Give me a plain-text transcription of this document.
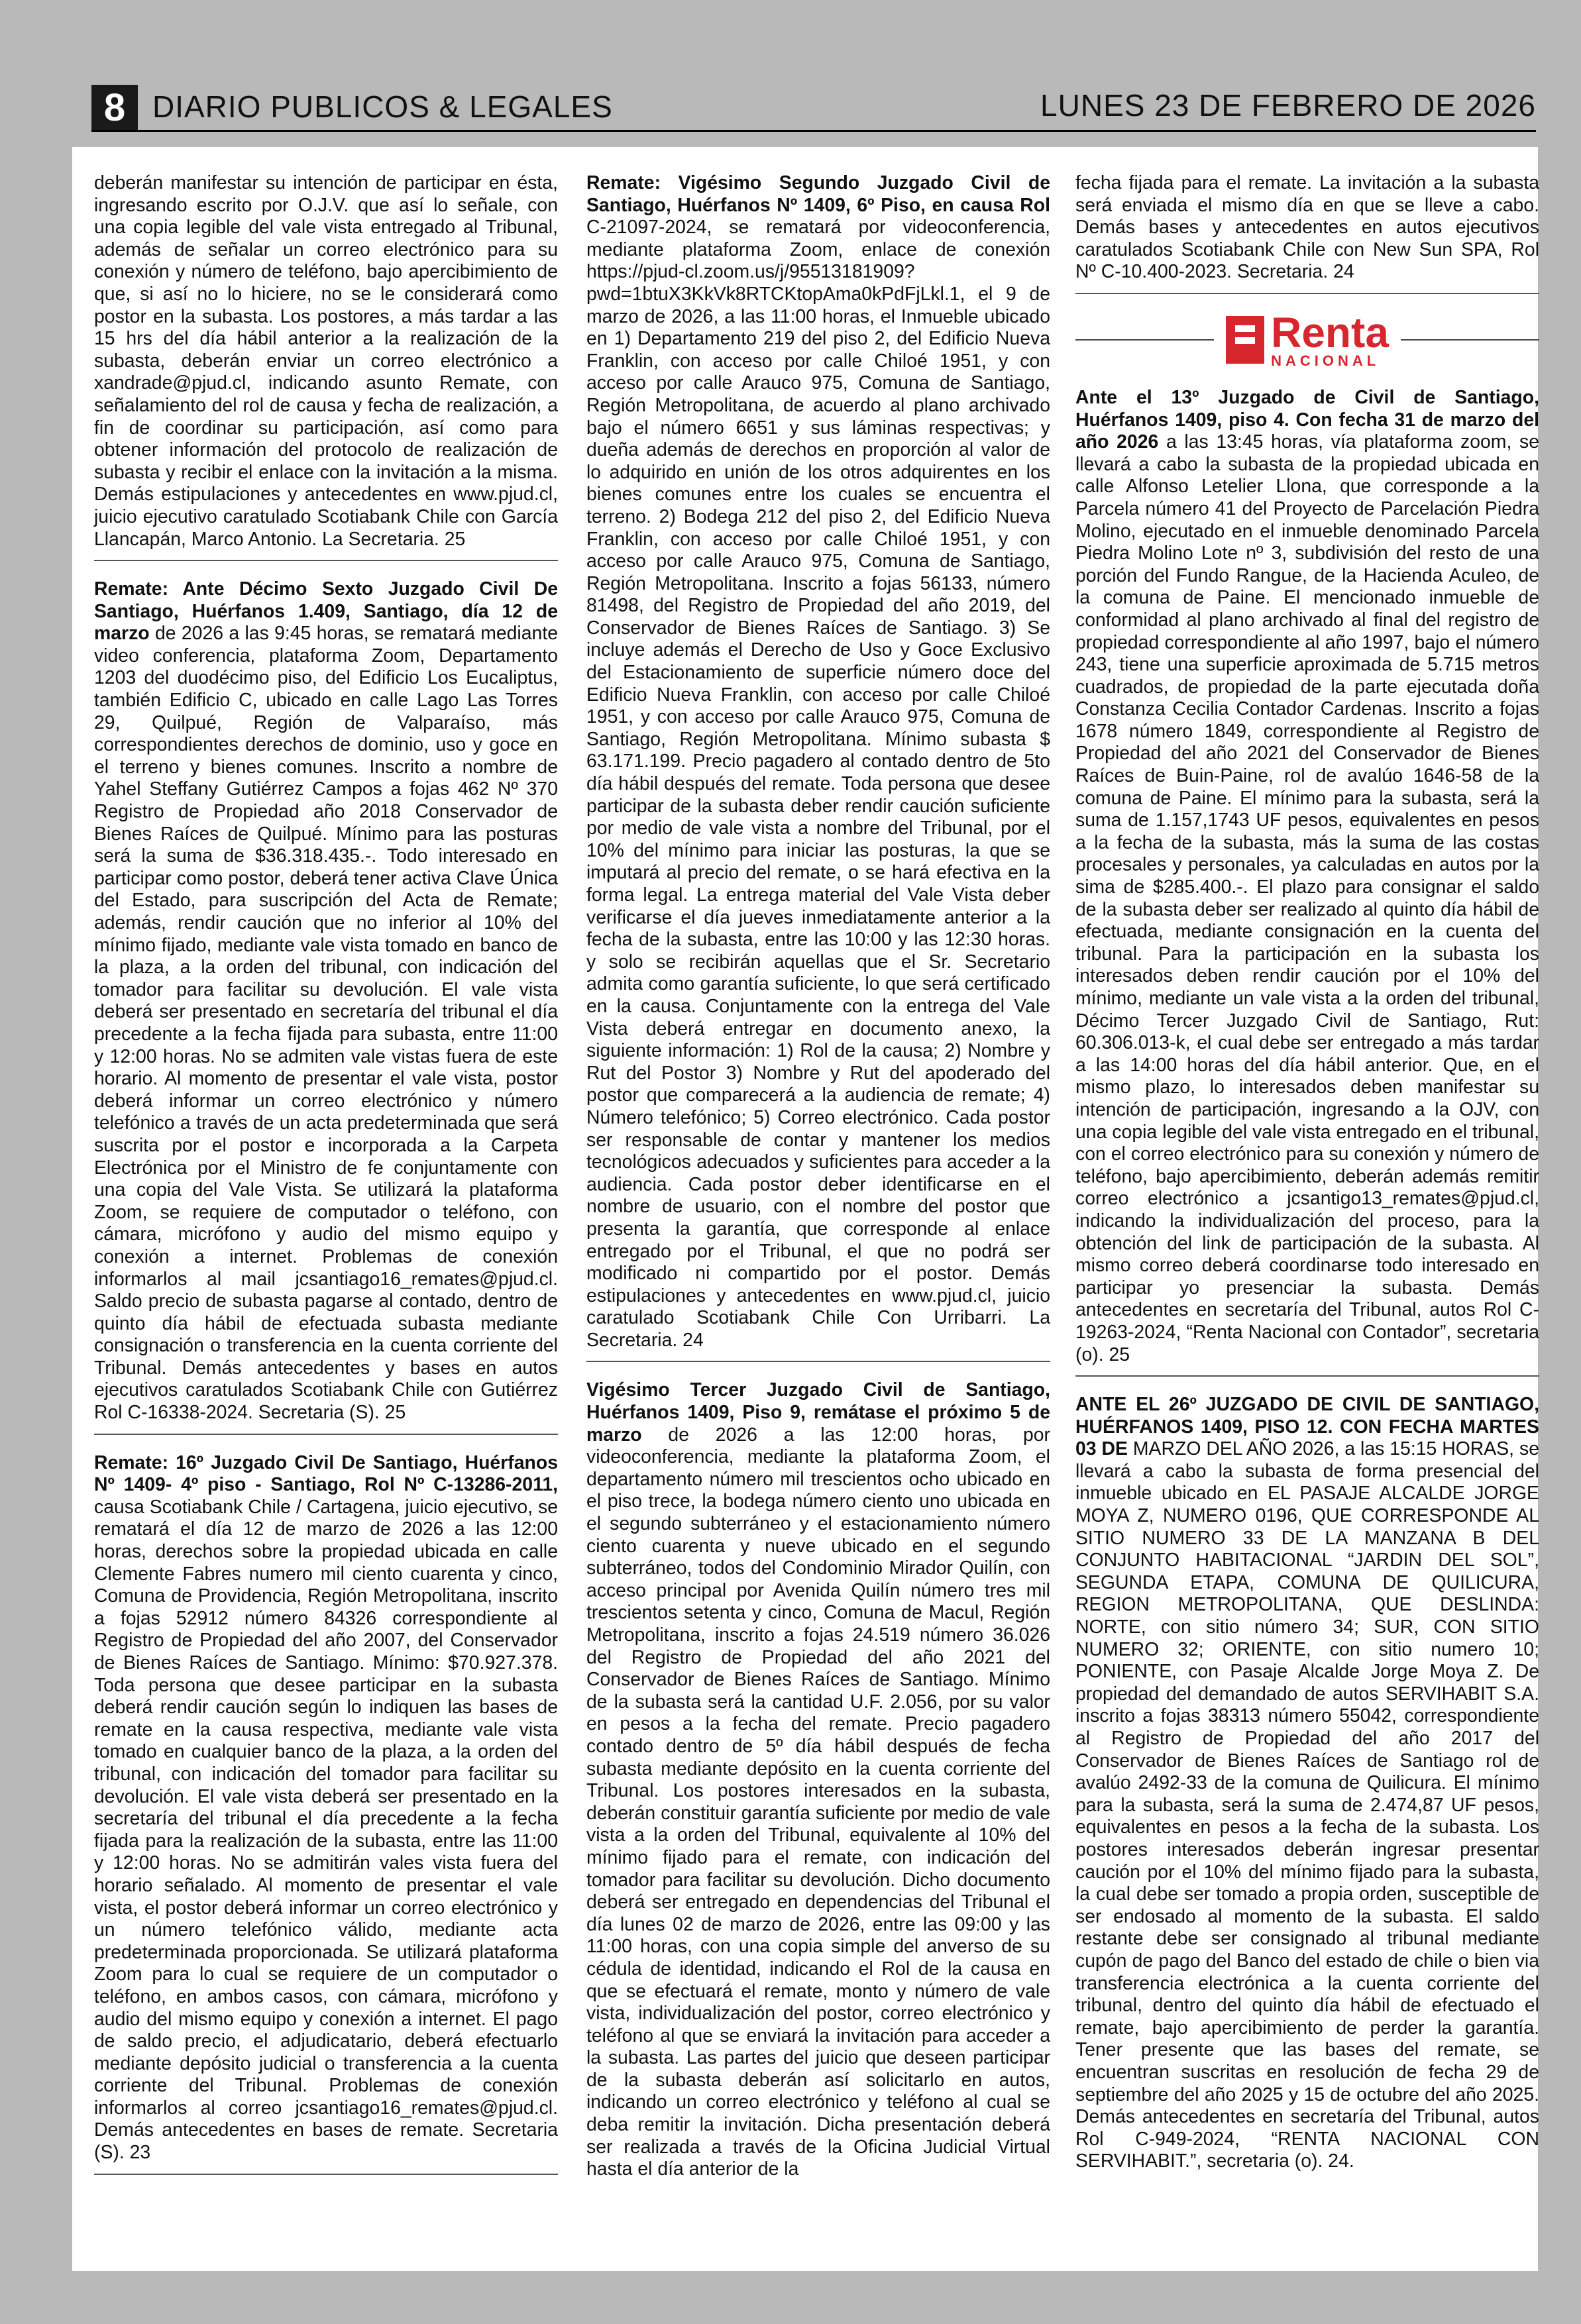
8 DIARIO PUBLICOS & LEGALES	LUNES 23 DE FEBRERO DE 2026

deberán manifestar su intención de participar en ésta, ingresando escrito por O.J.V. que así lo señale, con una copia legible del vale vista entregado al Tribunal, además de señalar un correo electrónico para su conexión y número de teléfono, bajo apercibimiento de que, si así no lo hiciere, no se le considerará como postor en la subasta. Los postores, a más tardar a las 15 hrs del día hábil anterior a la realización de la subasta, deberán enviar un correo electrónico a xandrade@pjud.cl, indicando asunto Remate, con señalamiento del rol de causa y fecha de realización, a fin de coordinar su participación, así como para obtener información del protocolo de realización de subasta y recibir el enlace con la invitación a la misma. Demás estipulaciones y antecedentes en www.pjud.cl, juicio ejecutivo caratulado Scotiabank Chile con García Llancapán, Marco Antonio. La Secretaria. 25

Remate: Ante Décimo Sexto Juzgado Civil De Santiago, Huérfanos 1.409, Santiago, día 12 de marzo de 2026 a las 9:45 horas, se rematará mediante video conferencia, plataforma Zoom, Departamento 1203 del duodécimo piso, del Edificio Los Eucaliptus, también Edificio C, ubicado en calle Lago Las Torres 29, Quilpué, Región de Valparaíso, más correspondientes derechos de dominio, uso y goce en el terreno y bienes comunes. Inscrito a nombre de Yahel Steffany Gutiérrez Campos a fojas 462 Nº 370 Registro de Propiedad año 2018 Conservador de Bienes Raíces de Quilpué. Mínimo para las posturas será la suma de $36.318.435.-. Todo interesado en participar como postor, deberá tener activa Clave Única del Estado, para suscripción del Acta de Remate; además, rendir caución que no inferior al 10% del mínimo fijado, mediante vale vista tomado en banco de la plaza, a la orden del tribunal, con indicación del tomador para facilitar su devolución. El vale vista deberá ser presentado en secretaría del tribunal el día precedente a la fecha fijada para subasta, entre 11:00 y 12:00 horas. No se admiten vale vistas fuera de este horario. Al momento de presentar el vale vista, postor deberá informar un correo electrónico y número telefónico a través de un acta predeterminada que será suscrita por el postor e incorporada a la Carpeta Electrónica por el Ministro de fe conjuntamente con una copia del Vale Vista. Se utilizará la plataforma Zoom, se requiere de computador o teléfono, con cámara, micrófono y audio del mismo equipo y conexión a internet. Problemas de conexión informarlos al mail jcsantiago16_remates@pjud.cl. Saldo precio de subasta pagarse al contado, dentro de quinto día hábil de efectuada subasta mediante consignación o transferencia en la cuenta corriente del Tribunal. Demás antecedentes y bases en autos ejecutivos caratulados Scotiabank Chile con Gutiérrez Rol C-16338-2024. Secretaria (S). 25

Remate: 16º Juzgado Civil De Santiago, Huérfanos Nº 1409- 4º piso - Santiago, Rol Nº C-13286-2011, causa Scotiabank Chile / Cartagena, juicio ejecutivo, se rematará el día 12 de marzo de 2026 a las 12:00 horas, derechos sobre la propiedad ubicada en calle Clemente Fabres numero mil ciento cuarenta y cinco, Comuna de Providencia, Región Metropolitana, inscrito a fojas 52912 número 84326 correspondiente al Registro de Propiedad del año 2007, del Conservador de Bienes Raíces de Santiago. Mínimo: $70.927.378. Toda persona que desee participar en la subasta deberá rendir caución según lo indiquen las bases de remate en la causa respectiva, mediante vale vista tomado en cualquier banco de la plaza, a la orden del tribunal, con indicación del tomador para facilitar su devolución. El vale vista deberá ser presentado en la secretaría del tribunal el día precedente a la fecha fijada para la realización de la subasta, entre las 11:00 y 12:00 horas. No se admitirán vales vista fuera del horario señalado. Al momento de presentar el vale vista, el postor deberá informar un correo electrónico y un número telefónico válido, mediante acta predeterminada proporcionada. Se utilizará plataforma Zoom para lo cual se requiere de un computador o teléfono, en ambos casos, con cámara, micrófono y audio del mismo equipo y conexión a internet. El pago de saldo precio, el adjudicatario, deberá efectuarlo mediante depósito judicial o transferencia a la cuenta corriente del Tribunal. Problemas de conexión informarlos al correo jcsantiago16_remates@pjud.cl. Demás antecedentes en bases de remate. Secretaria (S). 23

Remate: Vigésimo Segundo Juzgado Civil de Santiago, Huérfanos Nº 1409, 6º Piso, en causa Rol C-21097-2024, se rematará por videoconferencia, mediante plataforma Zoom, enlace de conexión https://pjud-cl.zoom.us/j/95513181909?pwd=1btuX3KkVk8RTCKtopAma0kPdFjLkl.1, el 9 de marzo de 2026, a las 11:00 horas, el Inmueble ubicado en 1) Departamento 219 del piso 2, del Edificio Nueva Franklin, con acceso por calle Chiloé 1951, y con acceso por calle Arauco 975, Comuna de Santiago, Región Metropolitana, de acuerdo al plano archivado bajo el número 6651 y sus láminas respectivas; y dueña además de derechos en proporción al valor de lo adquirido en unión de los otros adquirentes en los bienes comunes entre los cuales se encuentra el terreno. 2) Bodega 212 del piso 2, del Edificio Nueva Franklin, con acceso por calle Chiloé 1951, y con acceso por calle Arauco 975, Comuna de Santiago, Región Metropolitana. Inscrito a fojas 56133, número 81498, del Registro de Propiedad del año 2019, del Conservador de Bienes Raíces de Santiago. 3) Se incluye además el Derecho de Uso y Goce Exclusivo del Estacionamiento de superficie número doce del Edificio Nueva Franklin, con acceso por calle Chiloé 1951, y con acceso por calle Arauco 975, Comuna de Santiago, Región Metropolitana. Mínimo subasta $ 63.171.199. Precio pagadero al contado dentro de 5to día hábil después del remate. Toda persona que desee participar de la subasta deber rendir caución suficiente por medio de vale vista a nombre del Tribunal, por el 10% del mínimo para iniciar las posturas, la que se imputará al precio del remate, o se hará efectiva en la forma legal. La entrega material del Vale Vista deber verificarse el día jueves inmediatamente anterior a la fecha de la subasta, entre las 10:00 y las 12:30 horas. y solo se recibirán aquellas que el Sr. Secretario admita como garantía suficiente, lo que será certificado en la causa. Conjuntamente con la entrega del Vale Vista deberá entregar en documento anexo, la siguiente información: 1) Rol de la causa; 2) Nombre y Rut del Postor 3) Nombre y Rut del apoderado del postor que comparecerá a la audiencia de remate; 4) Número telefónico; 5) Correo electrónico. Cada postor ser responsable de contar y mantener los medios tecnológicos adecuados y suficientes para acceder a la audiencia. Cada postor deber identificarse en el nombre de usuario, con el nombre del postor que presenta la garantía, que corresponde al enlace entregado por el Tribunal, el que no podrá ser modificado ni compartido por el postor. Demás estipulaciones y antecedentes en www.pjud.cl, juicio caratulado Scotiabank Chile Con Urribarri. La Secretaria. 24

Vigésimo Tercer Juzgado Civil de Santiago, Huérfanos 1409, Piso 9, remátase el próximo 5 de marzo de 2026 a las 12:00 horas, por videoconferencia, mediante la plataforma Zoom, el departamento número mil trescientos ocho ubicado en el piso trece, la bodega número ciento uno ubicada en el segundo subterráneo y el estacionamiento número ciento cuarenta y nueve ubicado en el segundo subterráneo, todos del Condominio Mirador Quilín, con acceso principal por Avenida Quilín número tres mil trescientos setenta y cinco, Comuna de Macul, Región Metropolitana, inscrito a fojas 24.519 número 36.026 del Registro de Propiedad del año 2021 del Conservador de Bienes Raíces de Santiago. Mínimo de la subasta será la cantidad U.F. 2.056, por su valor en pesos a la fecha del remate. Precio pagadero contado dentro de 5º día hábil después de fecha subasta mediante depósito en la cuenta corriente del Tribunal. Los postores interesados en la subasta, deberán constituir garantía suficiente por medio de vale vista a la orden del Tribunal, equivalente al 10% del mínimo fijado para el remate, con indicación del tomador para facilitar su devolución. Dicho documento deberá ser entregado en dependencias del Tribunal el día lunes 02 de marzo de 2026, entre las 09:00 y las 11:00 horas, con una copia simple del anverso de su cédula de identidad, indicando el Rol de la causa en que se efectuará el remate, monto y número de vale vista, individualización del postor, correo electrónico y teléfono al que se enviará la invitación para acceder a la subasta. Las partes del juicio que deseen participar de la subasta deberán así solicitarlo en autos, indicando un correo electrónico y teléfono al cual se deba remitir la invitación. Dicha presentación deberá ser realizada a través de la Oficina Judicial Virtual hasta el día anterior de la

fecha fijada para el remate. La invitación a la subasta será enviada el mismo día en que se lleve a cabo. Demás bases y antecedentes en autos ejecutivos caratulados Scotiabank Chile con New Sun SPA, Rol Nº C-10.400-2023. Secretaria. 24

Renta
NACIONAL

Ante el 13º Juzgado de Civil de Santiago, Huérfanos 1409, piso 4. Con fecha 31 de marzo del año 2026 a las 13:45 horas, vía plataforma zoom, se llevará a cabo la subasta de la propiedad ubicada en calle Alfonso Letelier Llona, que corresponde a la Parcela número 41 del Proyecto de Parcelación Piedra Molino, ejecutado en el inmueble denominado Parcela Piedra Molino Lote nº 3, subdivisión del resto de una porción del Fundo Rangue, de la Hacienda Aculeo, de la comuna de Paine. El mencionado inmueble de conformidad al plano archivado al final del registro de propiedad correspondiente al año 1997, bajo el número 243, tiene una superficie aproximada de 5.715 metros cuadrados, de propiedad de la parte ejecutada doña Constanza Cecilia Contador Cardenas. Inscrito a fojas 1678 número 1849, correspondiente al Registro de Propiedad del año 2021 del Conservador de Bienes Raíces de Buin-Paine, rol de avalúo 1646-58 de la comuna de Paine. El mínimo para la subasta, será la suma de 1.157,1743 UF pesos, equivalentes en pesos a la fecha de la subasta, más la suma de las costas procesales y personales, ya calculadas en autos por la sima de $285.400.-. El plazo para consignar el saldo de la subasta deber ser realizado al quinto día hábil de efectuada, mediante consignación en la cuenta del tribunal. Para la participación en la subasta los interesados deben rendir caución por el 10% del mínimo, mediante un vale vista a la orden del tribunal, Décimo Tercer Juzgado Civil de Santiago, Rut: 60.306.013-k, el cual debe ser entregado a más tardar a las 14:00 horas del día hábil anterior. Que, en el mismo plazo, lo interesados deben manifestar su intención de participación, ingresando a la OJV, con una copia legible del vale vista entregado en el tribunal, con el correo electrónico para su conexión y número de teléfono, bajo apercibimiento, deberán además remitir correo electrónico a jcsantigo13_remates@pjud.cl, indicando la individualización del proceso, para la obtención del link de participación de la subasta. Al mismo correo deberá coordinarse todo interesado en participar yo presenciar la subasta. Demás antecedentes en secretaría del Tribunal, autos Rol C-19263-2024, “Renta Nacional con Contador”, secretaria (o). 25

ANTE EL 26º JUZGADO DE CIVIL DE SANTIAGO, HUÉRFANOS 1409, PISO 12. CON FECHA MARTES 03 DE MARZO DEL AÑO 2026, a las 15:15 HORAS, se llevará a cabo la subasta de forma presencial del inmueble ubicado en EL PASAJE ALCALDE JORGE MOYA Z, NUMERO 0196, QUE CORRESPONDE AL SITIO NUMERO 33 DE LA MANZANA B DEL CONJUNTO HABITACIONAL “JARDIN DEL SOL”, SEGUNDA ETAPA, COMUNA DE QUILICURA, REGION METROPOLITANA, QUE DESLINDA: NORTE, con sitio número 34; SUR, CON SITIO NUMERO 32; ORIENTE, con sitio numero 10; PONIENTE, con Pasaje Alcalde Jorge Moya Z. De propiedad del demandado de autos SERVIHABIT S.A. inscrito a fojas 38313 número 55042, correspondiente al Registro de Propiedad del año 2017 del Conservador de Bienes Raíces de Santiago rol de avalúo 2492-33 de la comuna de Quilicura. El mínimo para la subasta, será la suma de 2.474,87 UF pesos, equivalentes en pesos a la fecha de la subasta. Los postores interesados deberán ingresar presentar caución por el 10% del mínimo fijado para la subasta, la cual debe ser tomado a propia orden, susceptible de ser endosado al momento de la subasta. El saldo restante debe ser consignado al tribunal mediante cupón de pago del Banco del estado de chile o bien via transferencia electrónica a la cuenta corriente del tribunal, dentro del quinto día hábil de efectuado el remate, bajo apercibimiento de perder la garantía. Tener presente que las bases del remate, se encuentran suscritas en resolución de fecha 29 de septiembre del año 2025 y 15 de octubre del año 2025. Demás antecedentes en secretaría del Tribunal, autos Rol C-949-2024, “RENTA NACIONAL CON SERVIHABIT.”, secretaria (o). 24.
